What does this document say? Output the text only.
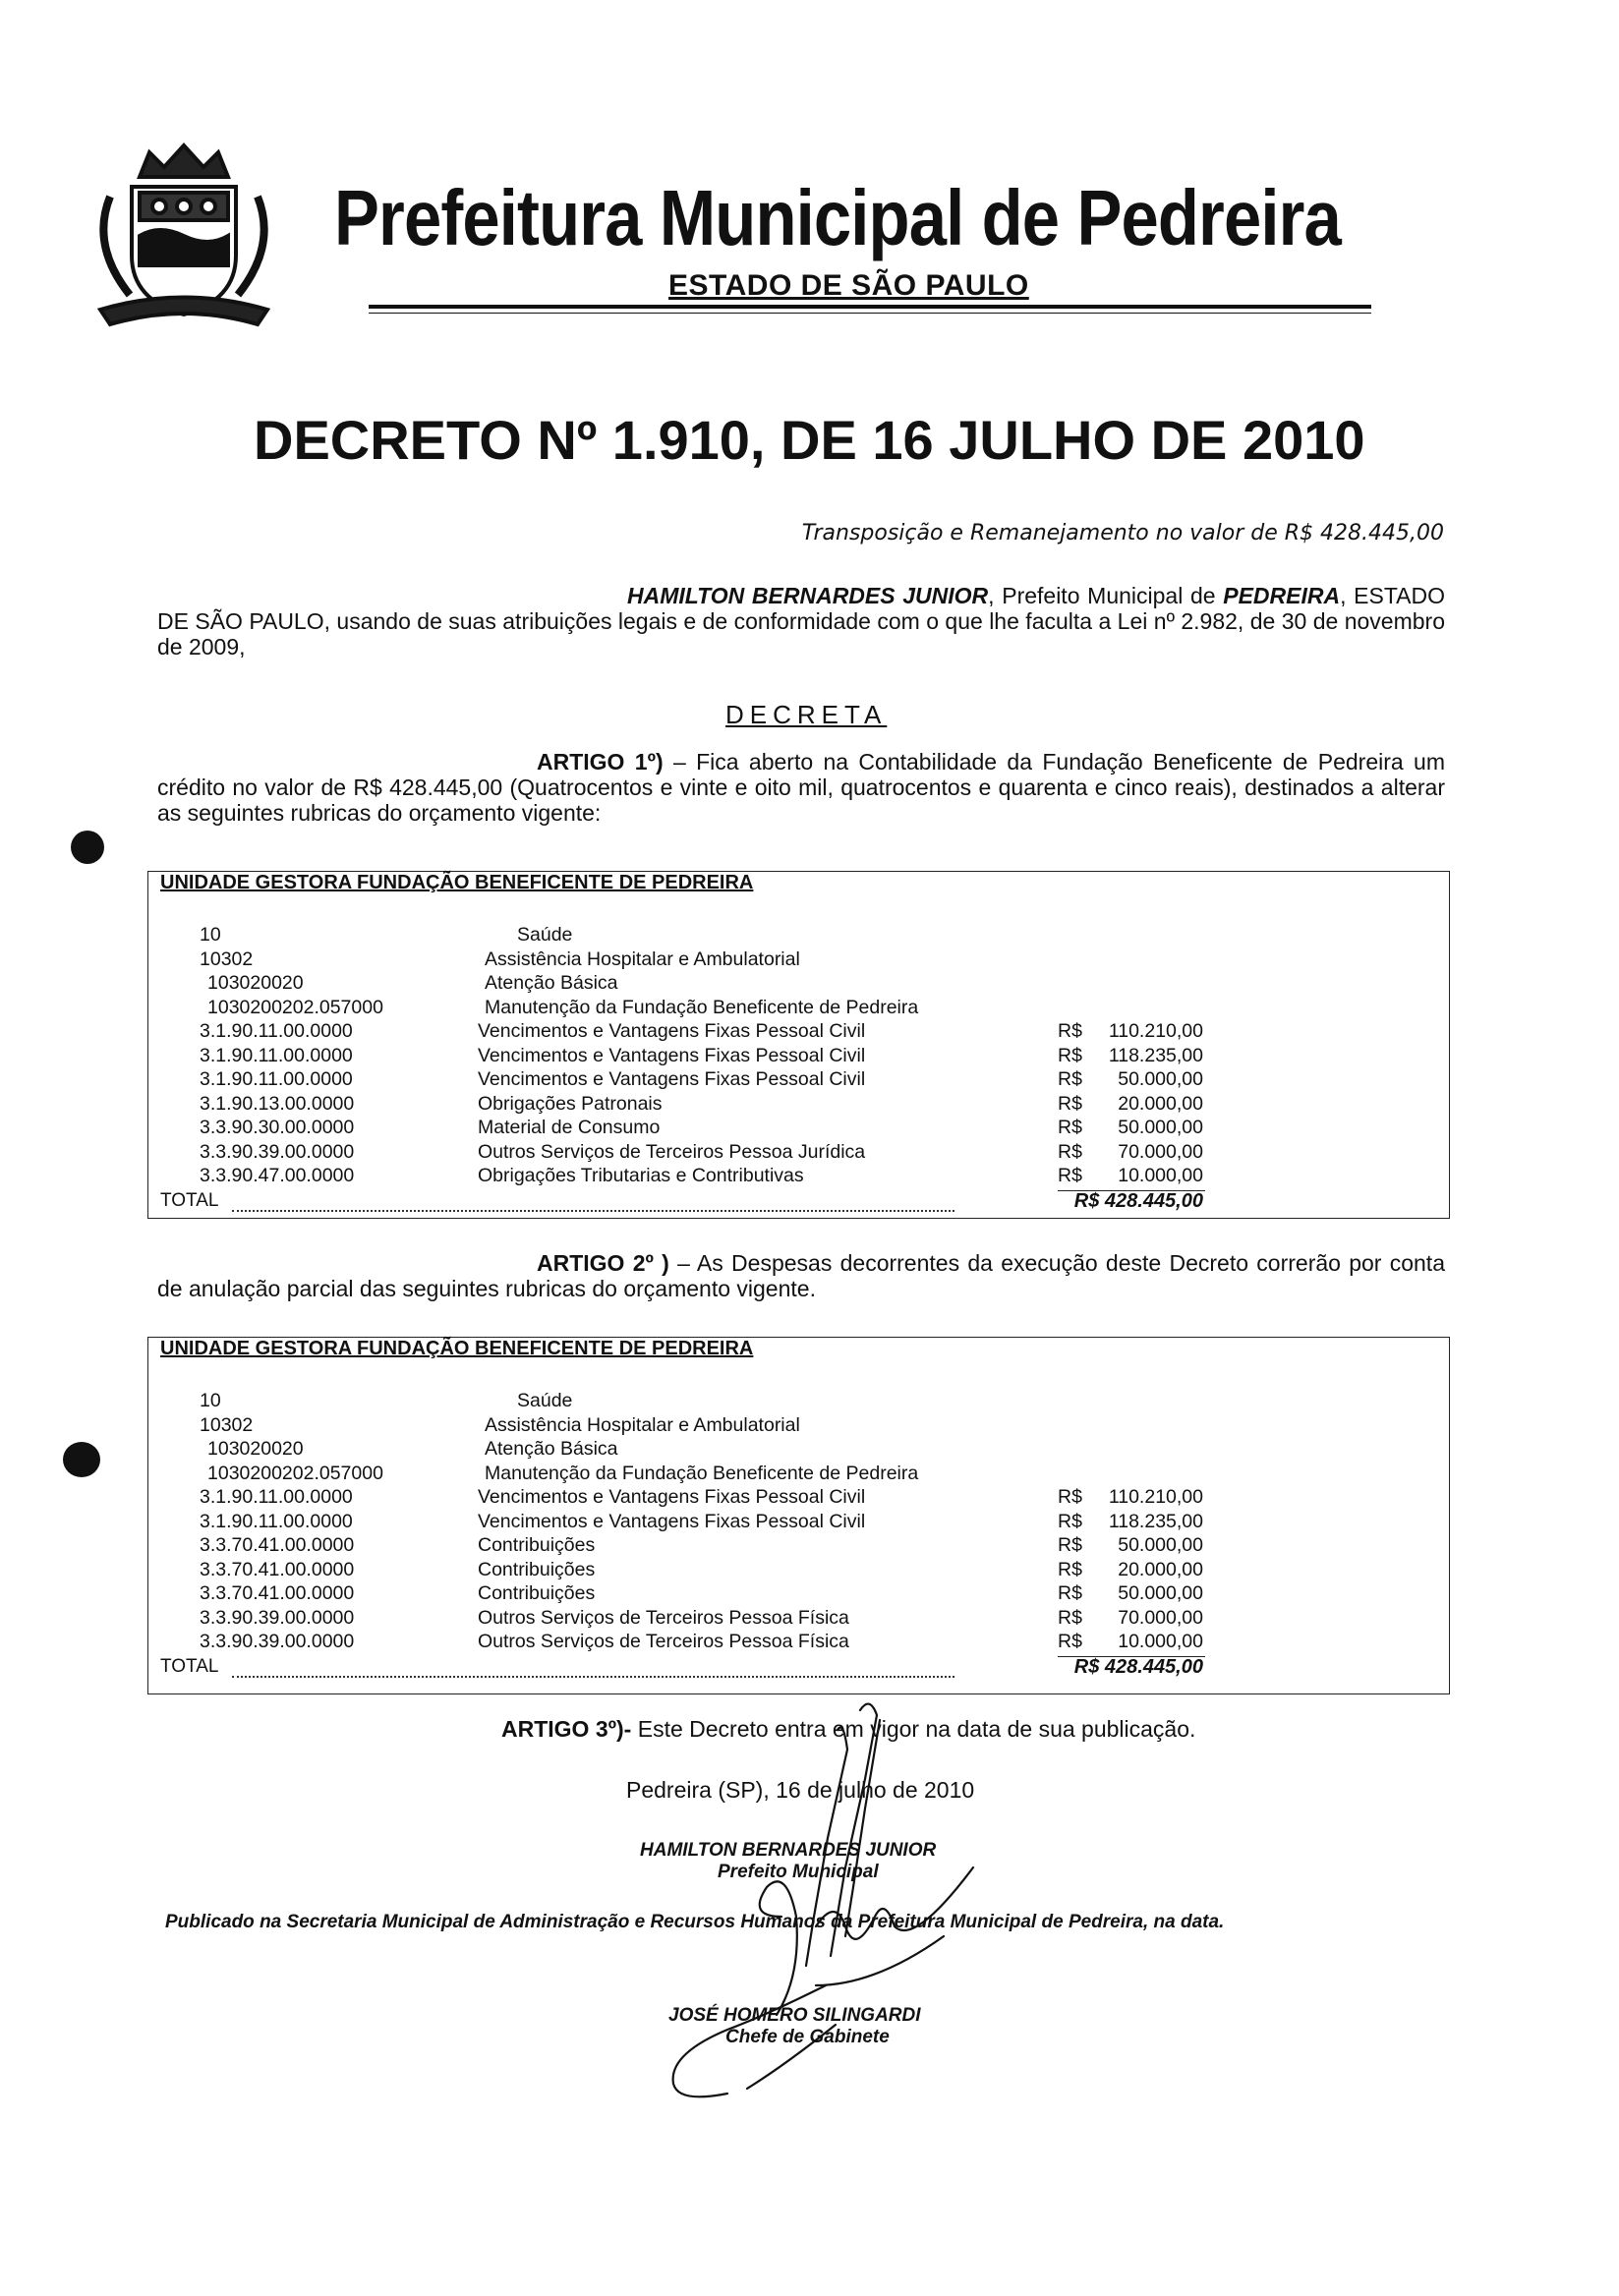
Prefeitura Municipal de Pedreira
ESTADO DE SÃO PAULO
DECRETO Nº 1.910, DE 16 JULHO DE 2010
Transposição e Remanejamento no valor de R$ 428.445,00
HAMILTON BERNARDES JUNIOR, Prefeito Municipal de PEDREIRA, ESTADO DE SÃO PAULO, usando de suas atribuições legais e de conformidade com o que lhe faculta a Lei nº 2.982, de 30 de novembro de 2009,
DECRETA
ARTIGO 1º) – Fica aberto na Contabilidade da Fundação Beneficente de Pedreira um crédito no valor de R$ 428.445,00 (Quatrocentos e vinte e oito mil, quatrocentos e quarenta e cinco reais), destinados a alterar as seguintes rubricas do orçamento vigente:
UNIDADE GESTORA FUNDAÇÃO BENEFICENTE DE PEDREIRA
10	Saúde
10302	Assistência Hospitalar e Ambulatorial
103020020	Atenção Básica
1030200202.057000	Manutenção da Fundação Beneficente de Pedreira
3.1.90.11.00.0000	Vencimentos e Vantagens Fixas Pessoal Civil	R$	110.210,00
3.1.90.11.00.0000	Vencimentos e Vantagens Fixas Pessoal Civil	R$	118.235,00
3.1.90.11.00.0000	Vencimentos e Vantagens Fixas Pessoal Civil	R$	50.000,00
3.1.90.13.00.0000	Obrigações Patronais	R$	20.000,00
3.3.90.30.00.0000	Material de Consumo	R$	50.000,00
3.3.90.39.00.0000	Outros Serviços de Terceiros Pessoa Jurídica	R$	70.000,00
3.3.90.47.00.0000	Obrigações Tributarias e Contributivas	R$	10.000,00
TOTAL	R$ 428.445,00
ARTIGO 2º ) – As Despesas decorrentes da execução deste Decreto correrão por conta de anulação parcial das seguintes rubricas do orçamento vigente.
UNIDADE GESTORA FUNDAÇÃO BENEFICENTE DE PEDREIRA
10	Saúde
10302	Assistência Hospitalar e Ambulatorial
103020020	Atenção Básica
1030200202.057000	Manutenção da Fundação Beneficente de Pedreira
3.1.90.11.00.0000	Vencimentos e Vantagens Fixas Pessoal Civil	R$	110.210,00
3.1.90.11.00.0000	Vencimentos e Vantagens Fixas Pessoal Civil	R$	118.235,00
3.3.70.41.00.0000	Contribuições	R$	50.000,00
3.3.70.41.00.0000	Contribuições	R$	20.000,00
3.3.70.41.00.0000	Contribuições	R$	50.000,00
3.3.90.39.00.0000	Outros Serviços de Terceiros Pessoa Física	R$	70.000,00
3.3.90.39.00.0000	Outros Serviços de Terceiros Pessoa Física	R$	10.000,00
TOTAL	R$ 428.445,00
ARTIGO 3º)- Este Decreto entra em vigor na data de sua publicação.
Pedreira (SP), 16 de julho de 2010
HAMILTON BERNARDES JUNIOR
Prefeito Municipal
Publicado na Secretaria Municipal de Administração e Recursos Humanos da Prefeitura Municipal de Pedreira, na data.
JOSÉ HOMERO SILINGARDI
Chefe de Gabinete
